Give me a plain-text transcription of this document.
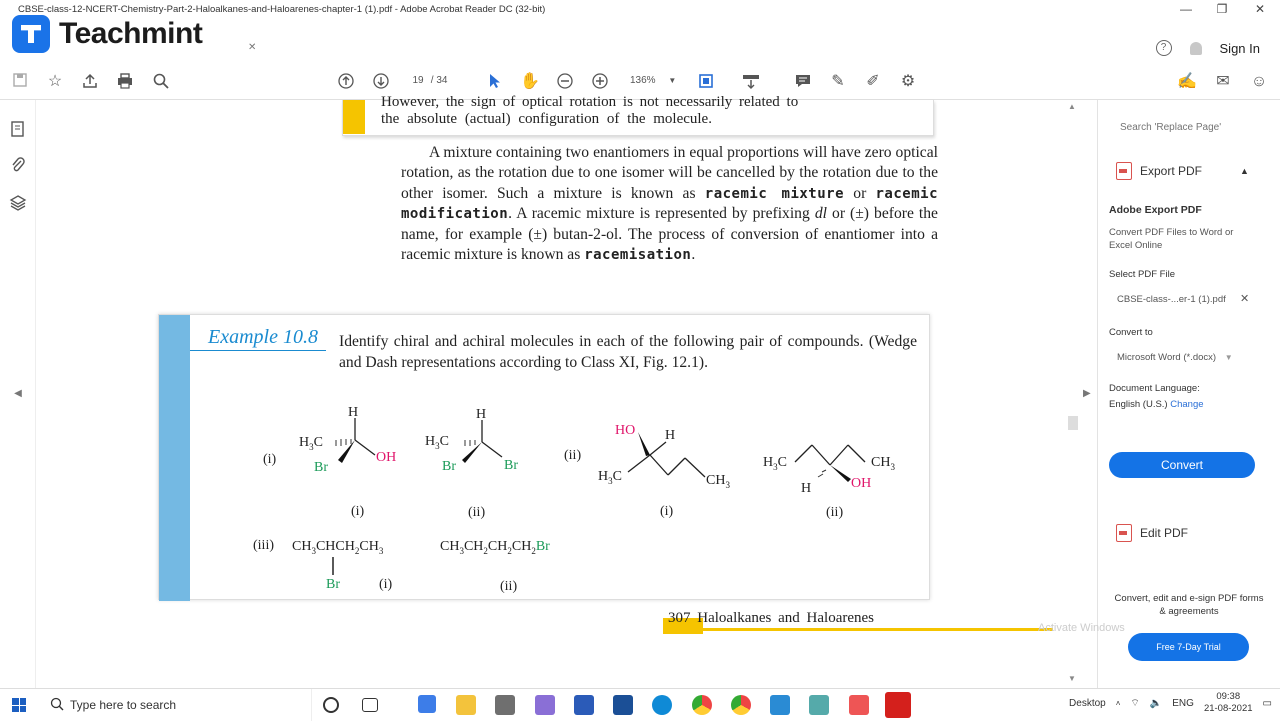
CBSE-class-12-NCERT-Chemistry-Part-2-Haloalkanes-and-Haloarenes-chapter-1 (1).pdf - Adobe Acrobat Reader DC (32-bit)	—	❐	✕
✕	?	Sign In
Teachmint
☆	19 / 34	✋	136% ▼	✎ ✐ ⚙	✍ ✉ ☺
◀
However, the sign of optical rotation is not necessarily related to
the absolute (actual) configuration of the molecule.
A mixture containing two enantiomers in equal proportions will have zero optical rotation, as the rotation due to one isomer will be cancelled by the rotation due to the other isomer. Such a mixture is known as racemic mixture or racemic modification. A racemic mixture is represented by prefixing dl or (±) before the name, for example (±) butan-2-ol. The process of conversion of enantiomer into a racemic mixture is known as racemisation.
Example 10.8 Identify chiral and achiral molecules in each of the following pair of compounds. (Wedge and Dash representations according to Class XI, Fig. 12.1).
H
$H_3C$
OH
Br
H
$H_3C$
Br	Br
HO H
$H_3C$	$CH_3$
$H_3C$	$CH_3$
H	OH
(i)	(ii)
(i)	(ii)	(i)	(ii)
(iii) $CH_3CHCH_2CH_3$
Br	(i)
$CH_3CH_2CH_2CH_2Br$
(ii)
307 Haloalkanes and Haloarenes
▲
▼
▶
Search 'Replace Page'
Export PDF	▲
Adobe Export PDF
Convert PDF Files to Word or Excel Online
Select PDF File
CBSE-class-...er-1 (1).pdf	✕
Convert to
Microsoft Word (*.docx) ▼
Document Language:
English (U.S.) Change
Convert
Edit PDF
Convert, edit and e-sign PDF forms & agreements
Free 7-Day Trial
Activate Windows
Type here to search	Desktop ˄ ⌔ 🔈 ENG
09:38
21-08-2021 ▭
